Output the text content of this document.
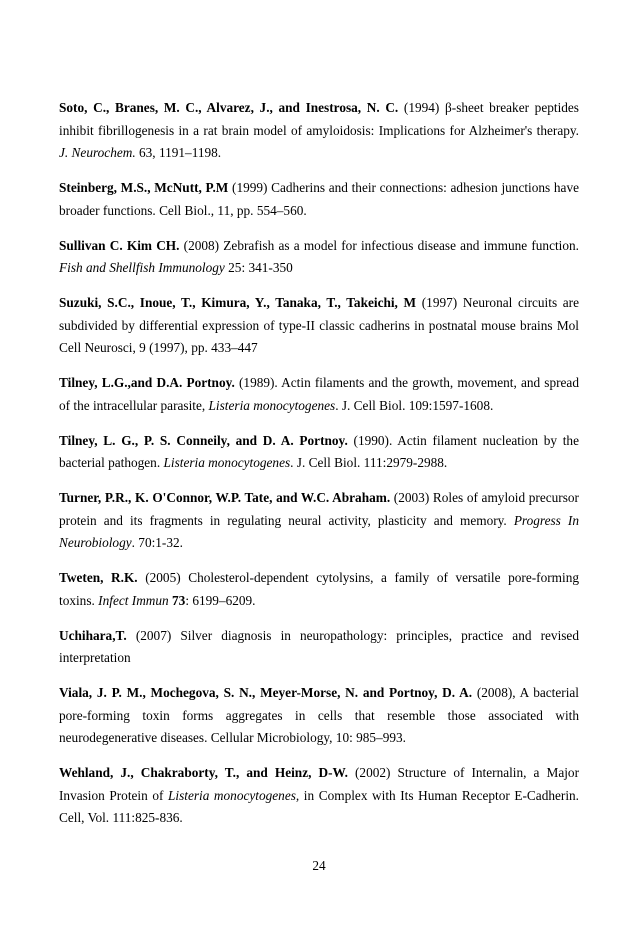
Soto, C., Branes, M. C., Alvarez, J., and Inestrosa, N. C. (1994) β-sheet breaker peptides inhibit fibrillogenesis in a rat brain model of amyloidosis: Implications for Alzheimer's therapy. J. Neurochem. 63, 1191–1198.

Steinberg, M.S., McNutt, P.M (1999) Cadherins and their connections: adhesion junctions have broader functions. Cell Biol., 11, pp. 554–560.

Sullivan C. Kim CH. (2008) Zebrafish as a model for infectious disease and immune function. Fish and Shellfish Immunology 25: 341-350

Suzuki, S.C., Inoue, T., Kimura, Y., Tanaka, T., Takeichi, M (1997) Neuronal circuits are subdivided by differential expression of type-II classic cadherins in postnatal mouse brains Mol Cell Neurosci, 9 (1997), pp. 433–447

Tilney, L.G.,and D.A. Portnoy. (1989). Actin filaments and the growth, movement, and spread of the intracellular parasite, Listeria monocytogenes. J. Cell Biol. 109:1597-1608.

Tilney, L. G., P. S. Conneily, and D. A. Portnoy. (1990). Actin filament nucleation by the bacterial pathogen. Listeria monocytogenes. J. Cell Biol. 111:2979-2988.

Turner, P.R., K. O'Connor, W.P. Tate, and W.C. Abraham. (2003) Roles of amyloid precursor protein and its fragments in regulating neural activity, plasticity and memory. Progress In Neurobiology. 70:1-32.

Tweten, R.K. (2005) Cholesterol-dependent cytolysins, a family of versatile pore-forming toxins. Infect Immun 73: 6199–6209.

Uchihara,T. (2007) Silver diagnosis in neuropathology: principles, practice and revised interpretation

Viala, J. P. M., Mochegova, S. N., Meyer-Morse, N. and Portnoy, D. A. (2008), A bacterial pore-forming toxin forms aggregates in cells that resemble those associated with neurodegenerative diseases. Cellular Microbiology, 10: 985–993.

Wehland, J., Chakraborty, T., and Heinz, D-W. (2002) Structure of Internalin, a Major Invasion Protein of Listeria monocytogenes, in Complex with Its Human Receptor E-Cadherin. Cell, Vol. 111:825-836.

24
